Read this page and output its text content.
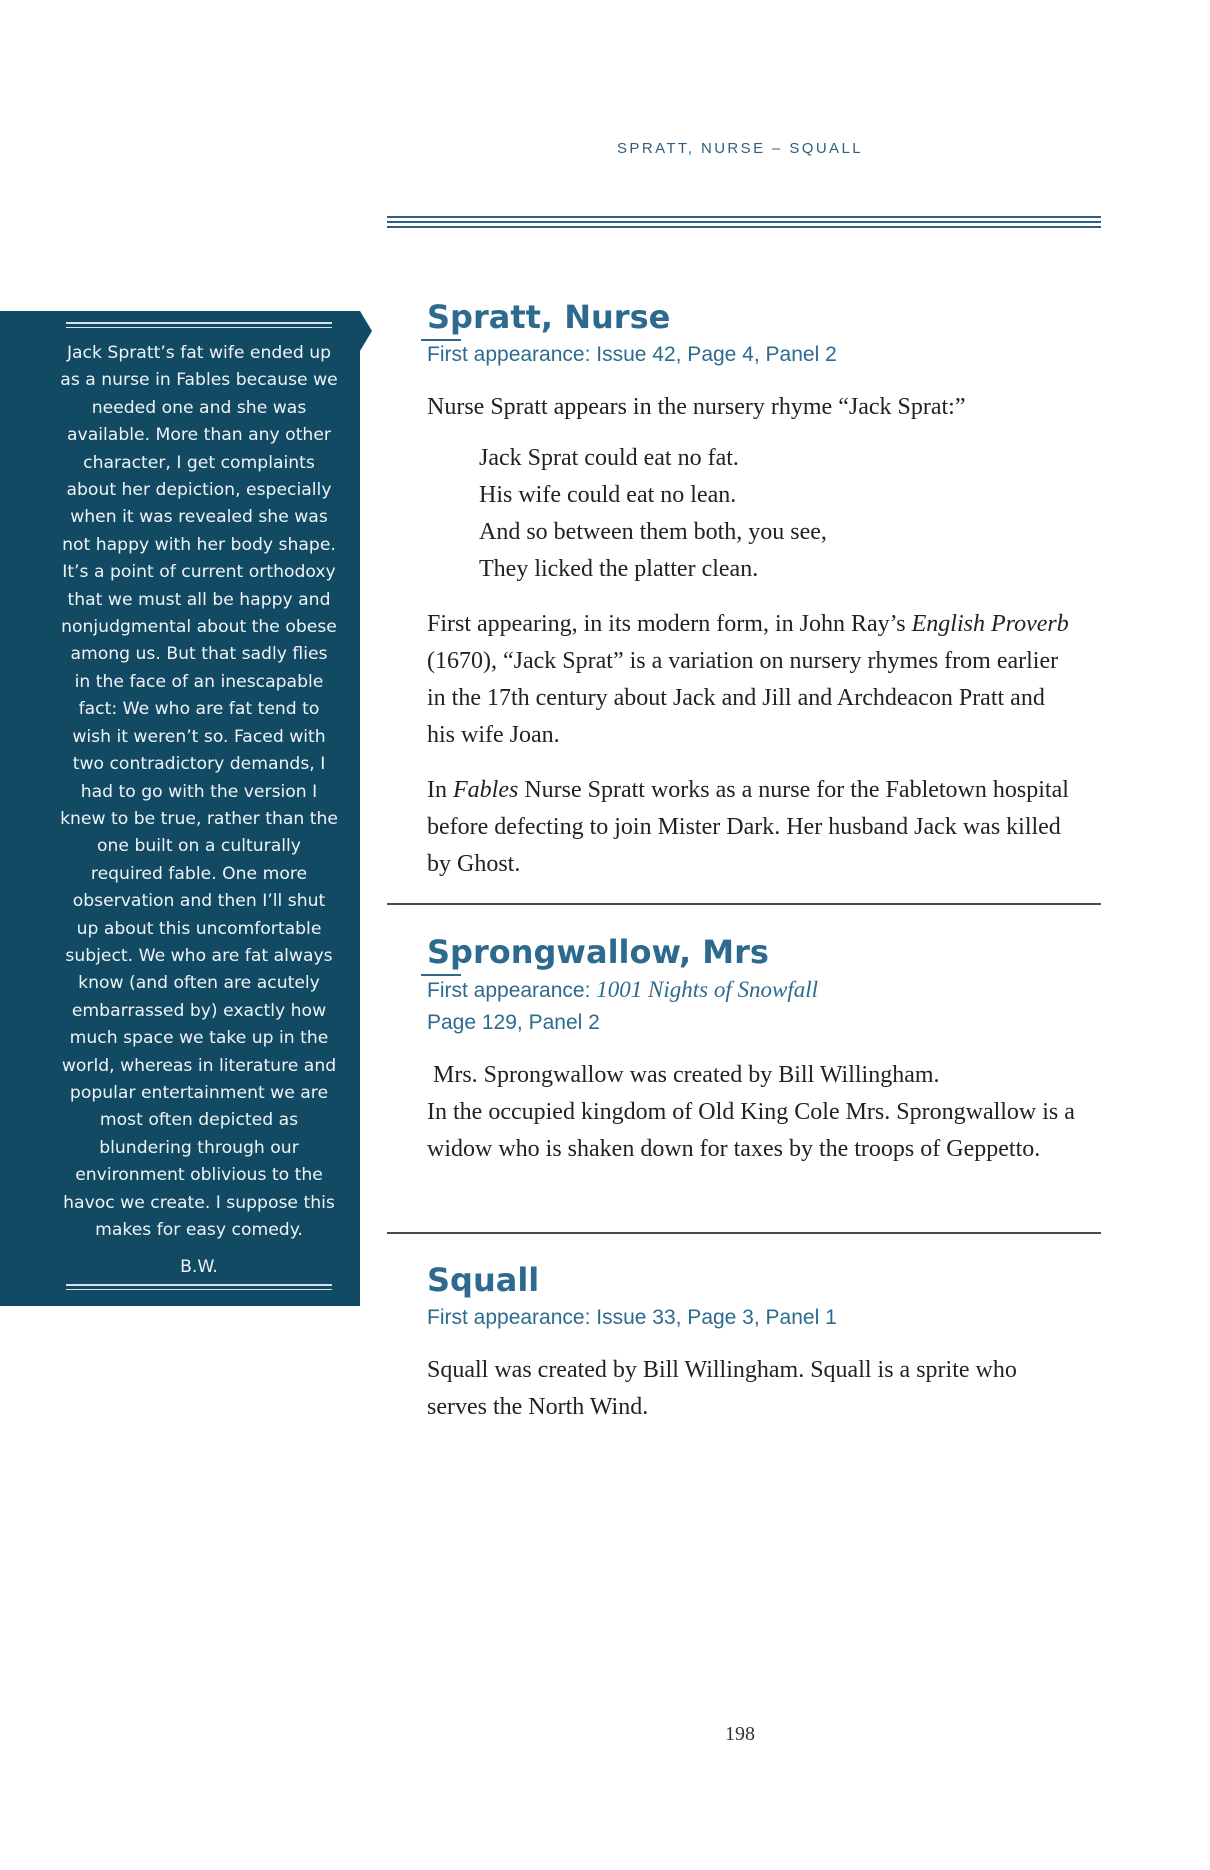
SPRATT, NURSE – SQUALL

Jack Spratt’s fat wife ended up as a nurse in Fables because we needed one and she was available. More than any other character, I get complaints about her depiction, especially when it was revealed she was not happy with her body shape. It’s a point of current orthodoxy that we must all be happy and nonjudgmental about the obese among us. But that sadly flies in the face of an inescapable fact: We who are fat tend to wish it weren’t so. Faced with two contradictory demands, I had to go with the version I knew to be true, rather than the one built on a culturally required fable. One more observation and then I’ll shut up about this uncomfortable subject. We who are fat always know (and often are acutely embarrassed by) exactly how much space we take up in the world, whereas in literature and popular entertainment we are most often depicted as blundering through our environment oblivious to the havoc we create. I suppose this makes for easy comedy.

B.W.

Spratt, Nurse

First appearance: Issue 42, Page 4, Panel 2

Nurse Spratt appears in the nursery rhyme “Jack Sprat:”

Jack Sprat could eat no fat.
His wife could eat no lean.
And so between them both, you see,
They licked the platter clean.

First appearing, in its modern form, in John Ray’s English Proverb (1670), “Jack Sprat” is a variation on nursery rhymes from earlier in the 17th century about Jack and Jill and Archdeacon Pratt and his wife Joan.

In Fables Nurse Spratt works as a nurse for the Fabletown hospital before defecting to join Mister Dark. Her husband Jack was killed by Ghost.

Sprongwallow, Mrs

First appearance: 1001 Nights of Snowfall

Page 129, Panel 2

Mrs. Sprongwallow was created by Bill Willingham.

In the occupied kingdom of Old King Cole Mrs. Sprongwallow is a widow who is shaken down for taxes by the troops of Geppetto.

Squall

First appearance: Issue 33, Page 3, Panel 1

Squall was created by Bill Willingham. Squall is a sprite who serves the North Wind.

198
